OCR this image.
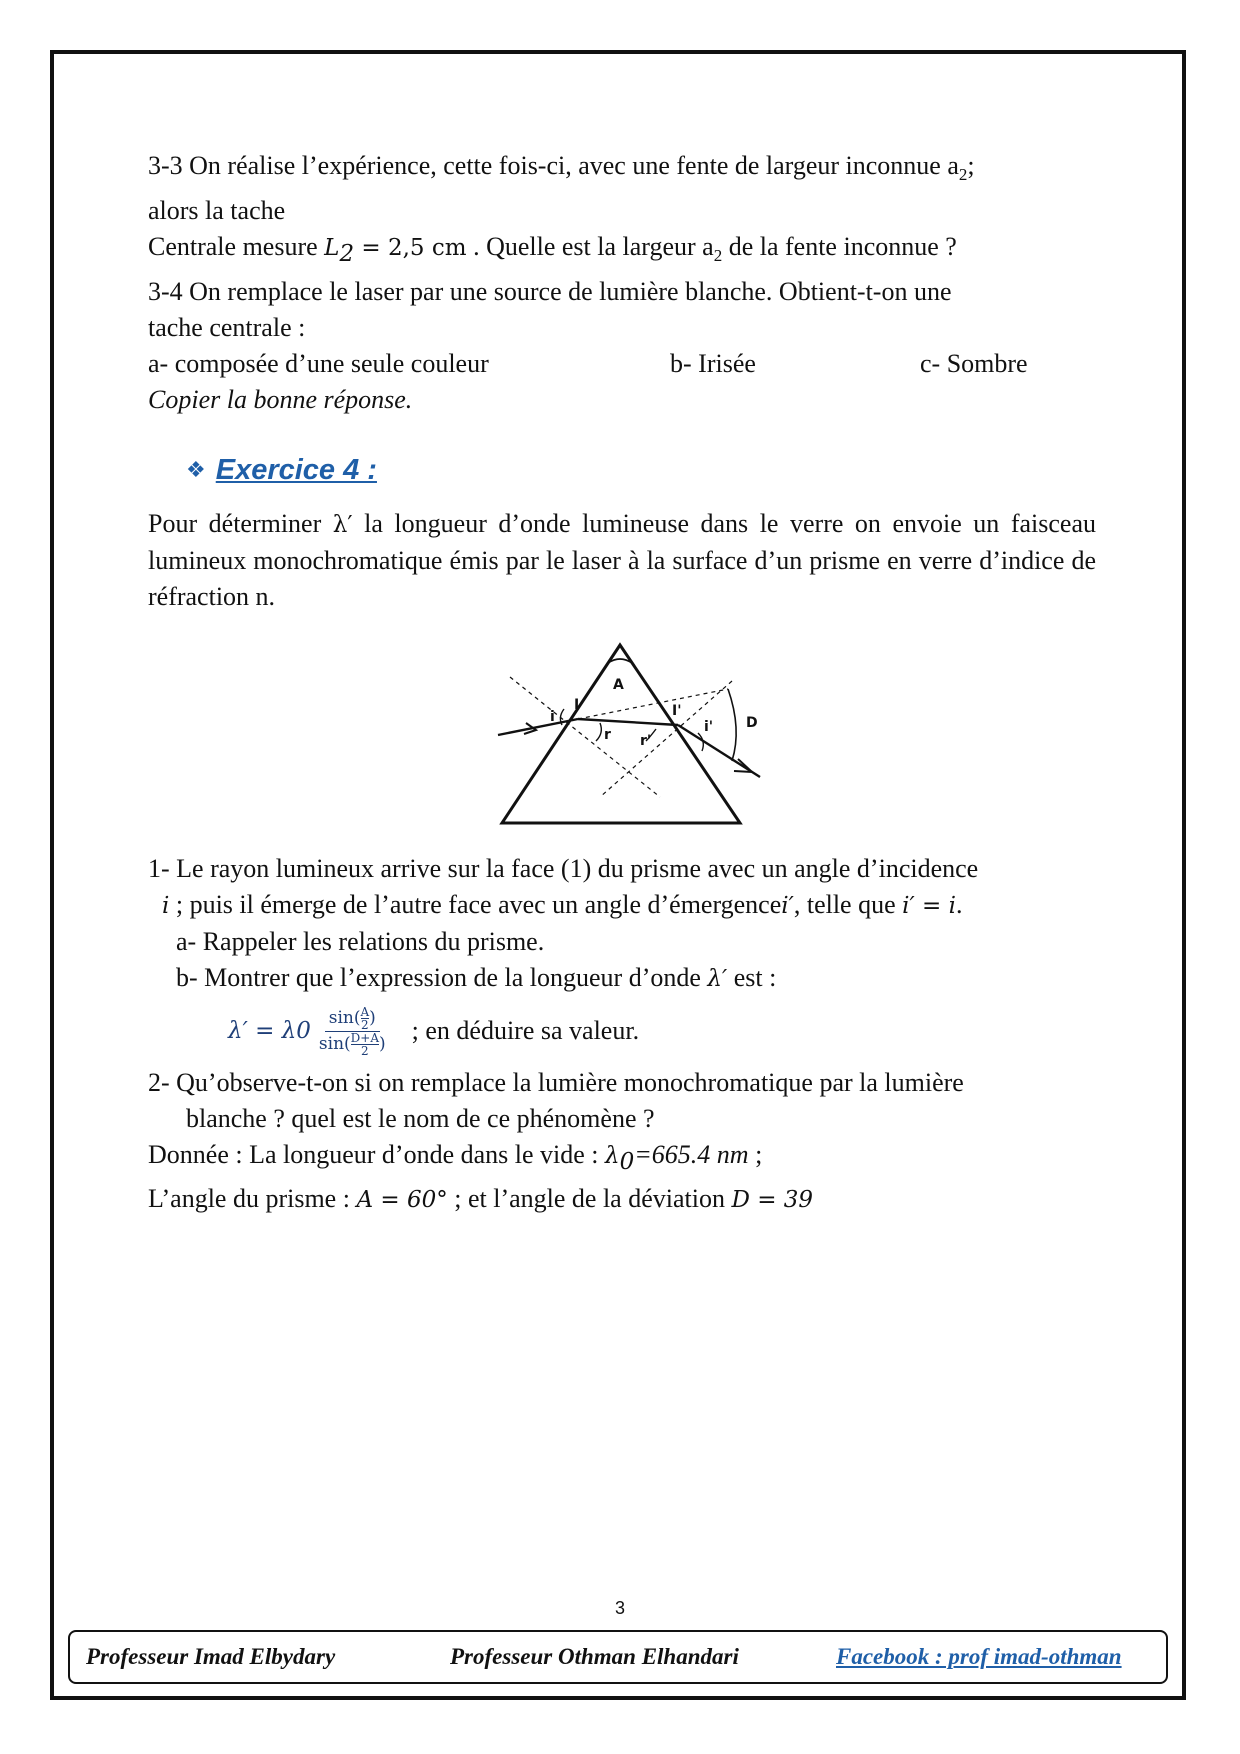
3-3 On réalise l’expérience, cette fois-ci, avec une fente de largeur inconnue $a_2$;
alors la tache
Centrale mesure $L_2 = 2,5$ cm . Quelle est la largeur $a_2$ de la fente inconnue ?
3-4 On remplace le laser par une source de lumière blanche. Obtient-t-on une
tache centrale :
a- composée d’une seule couleur	b- Irisée	c- Sombre
Copier la bonne réponse.
❖ Exercice 4 :
Pour déterminer λ′ la longueur d’onde lumineuse dans le verre on envoie un faisceau lumineux monochromatique émis par le laser à la surface d’un prisme en verre d’indice de réfraction n.
A
D
I	I'
i
r r'
i'
1- Le rayon lumineux arrive sur la face (1) du prisme avec un angle d’incidence
i ; puis il émerge de l’autre face avec un angle d’émergencei′, telle que i′ = i.
a- Rappeler les relations du prisme.
b- Montrer que l’expression de la longueur d’onde λ′ est :
λ′ = λ $0 \frac{\sin( \frac{A}{2} )}{\sin( \frac{D+A}{2} )}$ ; en déduire sa valeur.
2- Qu’observe-t-on si on remplace la lumière monochromatique par la lumière
blanche ? quel est le nom de ce phénomène ?
Donnée : La longueur d’onde dans le vide : $\lambda_0=665.4$ nm ;
L’angle du prisme : A = 60° ; et l’angle de la déviation D = 39
3
Professeur Imad Elbydary	Professeur Othman Elhandari	Facebook : prof imad-othman
